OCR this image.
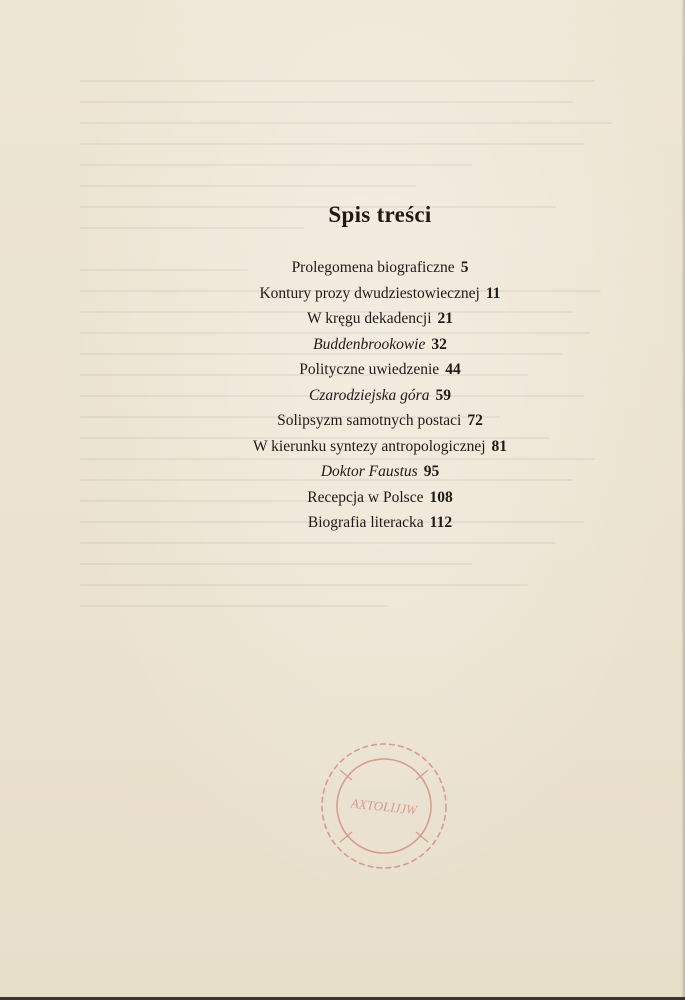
Spis treści
Prolegomena biograficzne 5
Kontury prozy dwudziestowiecznej 11
W kręgu dekadencji 21
Buddenbrookowie 32
Polityczne uwiedzenie 44
Czarodziejska góra 59
Solipsyzm samotnych postaci 72
W kierunku syntezy antropologicznej 81
Doktor Faustus 95
Recepcja w Polsce 108
Biografia literacka 112
AXTOLIJJW
